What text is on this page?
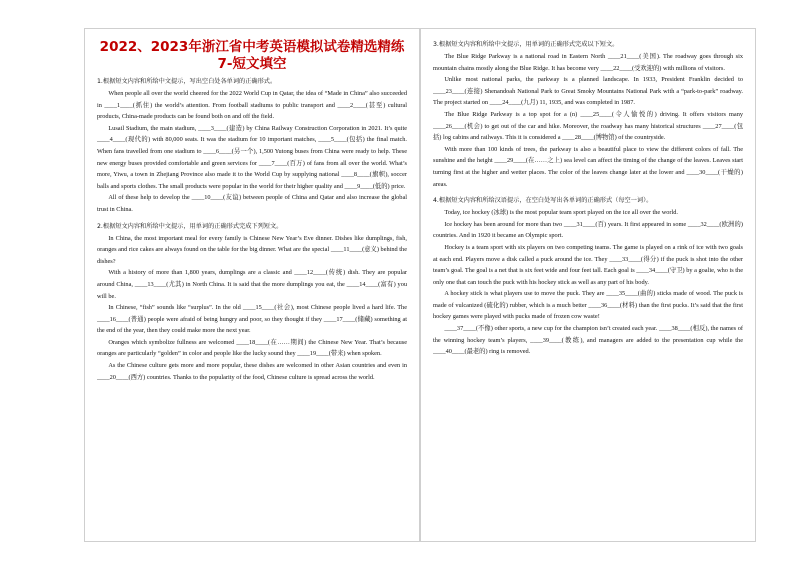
2022、2023年浙江省中考英语模拟试卷精选精练 7-短文填空
1.根据短文内容和所给中文提示，写出空白处各单词的正确形式。

When people all over the world cheered for the 2022 World Cup in Qatar, the idea of “Made in China” also succeeded in ____1____(抓住) the world’s attention. From football stadiums to public transport and ____2____(甚至) cultural products, China-made products can be found both on and off the field.

Lusail Stadium, the main stadium, ____3____(建造) by China Railway Construction Corporation in 2021. It’s quite ____4____(现代的) with 80,000 seats. It was the stadium for 10 important matches, ____5____(包括) the final match. When fans travelled from one stadium to ____6____(另一个), 1,500 Yutong buses from China were ready to help. These new energy buses provided comfortable and green services for ____7____(百万) of fans from all over the world. What’s more, Yiwu, a town in Zhejiang Province also made it to the World Cup by supplying national ____8____(旗帜), soccer balls and sports clothes. The small products were popular in the world for their higher quality and ____9____(低的) price.

All of these help to develop the ____10____(友谊) between people of China and Qatar and also increase the global trust in China.

2.根据短文内容和所给中文提示，用单词的正确形式完成下列短文。

In China, the most important meal for every family is Chinese New Year’s Eve dinner. Dishes like dumplings, fish, oranges and rice cakes are always found on the table for the big dinner. What are the special ____11____(意义) behind the dishes?

With a history of more than 1,800 years, dumplings are a classic and ____12____(传统) dish. They are popular around China, ____13____(尤其) in North China. It is said that the more dumplings you eat, the ____14____(富有) you will be.

In Chinese, “fish” sounds like “surplus”. In the old ____15____(社会), most Chinese people lived a hard life. The ____16____(普通) people were afraid of being hungry and poor, so they thought if they ____17____(储藏) something at the end of the year, then they could make more the next year.

Oranges which symbolize fullness are welcomed ____18____(在……期间) the Chinese New Year. That’s because oranges are particularly “golden” in color and people like the lucky sound they ____19____(带来) when spoken.

As the Chinese culture gets more and more popular, these dishes are welcomed in other Asian countries and even in ____20____(西方) countries. Thanks to the popularity of the food, Chinese culture is spread across the world.

3.根据短文内容和所给中文提示，用单词的正确形式完成以下短文。

The Blue Ridge Parkway is a national road in Eastern North ____21____(美国). The roadway goes through six mountain chains mostly along the Blue Ridge. It has become very ____22____(受欢迎的) with millions of visitors.

Unlike most national parks, the parkway is a planned landscape. In 1933, President Franklin decided to ____23____(连接) Shenandoah National Park to Great Smoky Mountains National Park with a “park-to-park” roadway. The project started on ____24____(九月) 11, 1935, and was completed in 1987.

The Blue Ridge Parkway is a top spot for a (n) ____25____(令人愉悦的) driving. It offers visitors many ____26____(机会) to get out of the car and hike. Moreover, the roadway has many historical structures ____27____(包括) log cabins and railways. This it is considered a ____28____(博物馆) of the countryside.

With more than 100 kinds of trees, the parkway is also a beautiful place to view the different colors of fall. The sunshine and the height ____29____(在……之上) sea level can affect the timing of the change of the leaves. Leaves start turning first at the higher and wetter places. The color of the leaves change later at the lower and ____30____(干燥的) areas.

4.根据短文内容和所给汉语提示，在空白处写出各单词的正确形式（每空一词）。

Today, ice hockey (冰球) is the most popular team sport played on the ice all over the world.

Ice hockey has been around for more than two ____31____(百) years. It first appeared in some ____32____(欧洲的) countries. And in 1920 it became an Olympic sport.

Hockey is a team sport with six players on two competing teams. The game is played on a rink of ice with two goals at each end. Players move a disk called a puck around the ice. They ____33____(得分) if the puck is shot into the other team’s goal. The goal is a net that is six feet wide and four feet tall. Each goal is ____34____(守卫) by a goalie, who is the only one that can touch the puck with his hockey stick as well as any part of his body.

A hockey stick is what players use to move the puck. They are ____35____(曲的) sticks made of wood. The puck is made of vulcanized (硫化的) rubber, which is a much better ____36____(材料) than the first pucks. It’s said that the first hockey games were played with pucks made of frozen cow waste!

____37____(不像) other sports, a new cup for the champion isn’t created each year. ____38____(相反), the names of the winning hockey team’s players, ____39____(教练), and managers are added to the presentation cup while the ____40____(最老的) ring is removed.
